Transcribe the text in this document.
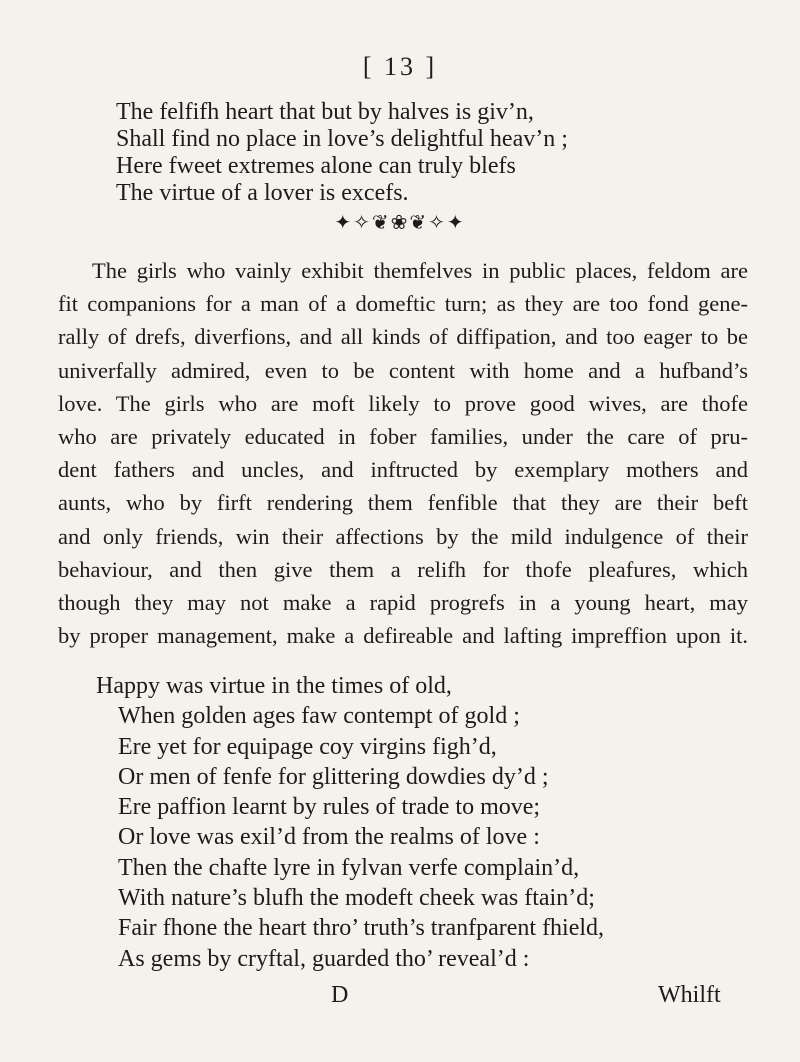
[ 13 ]
The felfifh heart that but by halves is giv’n,
Shall find no place in love’s delightful heav’n ;
Here fweet extremes alone can truly blefs
The virtue of a lover is excefs.
✦✧❦❀❦✧✦

The girls who vainly exhibit themfelves in public places, feldom are
fit companions for a man of a domeftic turn; as they are too fond gene-
rally of drefs, diverfions, and all kinds of diffipation, and too eager to be
univerfally admired, even to be content with home and a hufband’s
love. The girls who are moft likely to prove good wives, are thofe
who are privately educated in fober families, under the care of pru-
dent fathers and uncles, and inftructed by exemplary mothers and
aunts, who by firft rendering them fenfible that they are their beft
and only friends, win their affections by the mild indulgence of their
behaviour, and then give them a relifh for thofe pleafures, which
though they may not make a rapid progrefs in a young heart, may
by proper management, make a defireable and lafting impreffion upon it.

Happy was virtue in the times of old,
When golden ages faw contempt of gold ;
Ere yet for equipage coy virgins figh’d,
Or men of fenfe for glittering dowdies dy’d ;
Ere paffion learnt by rules of trade to move;
Or love was exil’d from the realms of love :
Then the chafte lyre in fylvan verfe complain’d,
With nature’s blufh the modeft cheek was ftain’d;
Fair fhone the heart thro’ truth’s tranfparent fhield,
As gems by cryftal, guarded tho’ reveal’d :
D	Whilft
